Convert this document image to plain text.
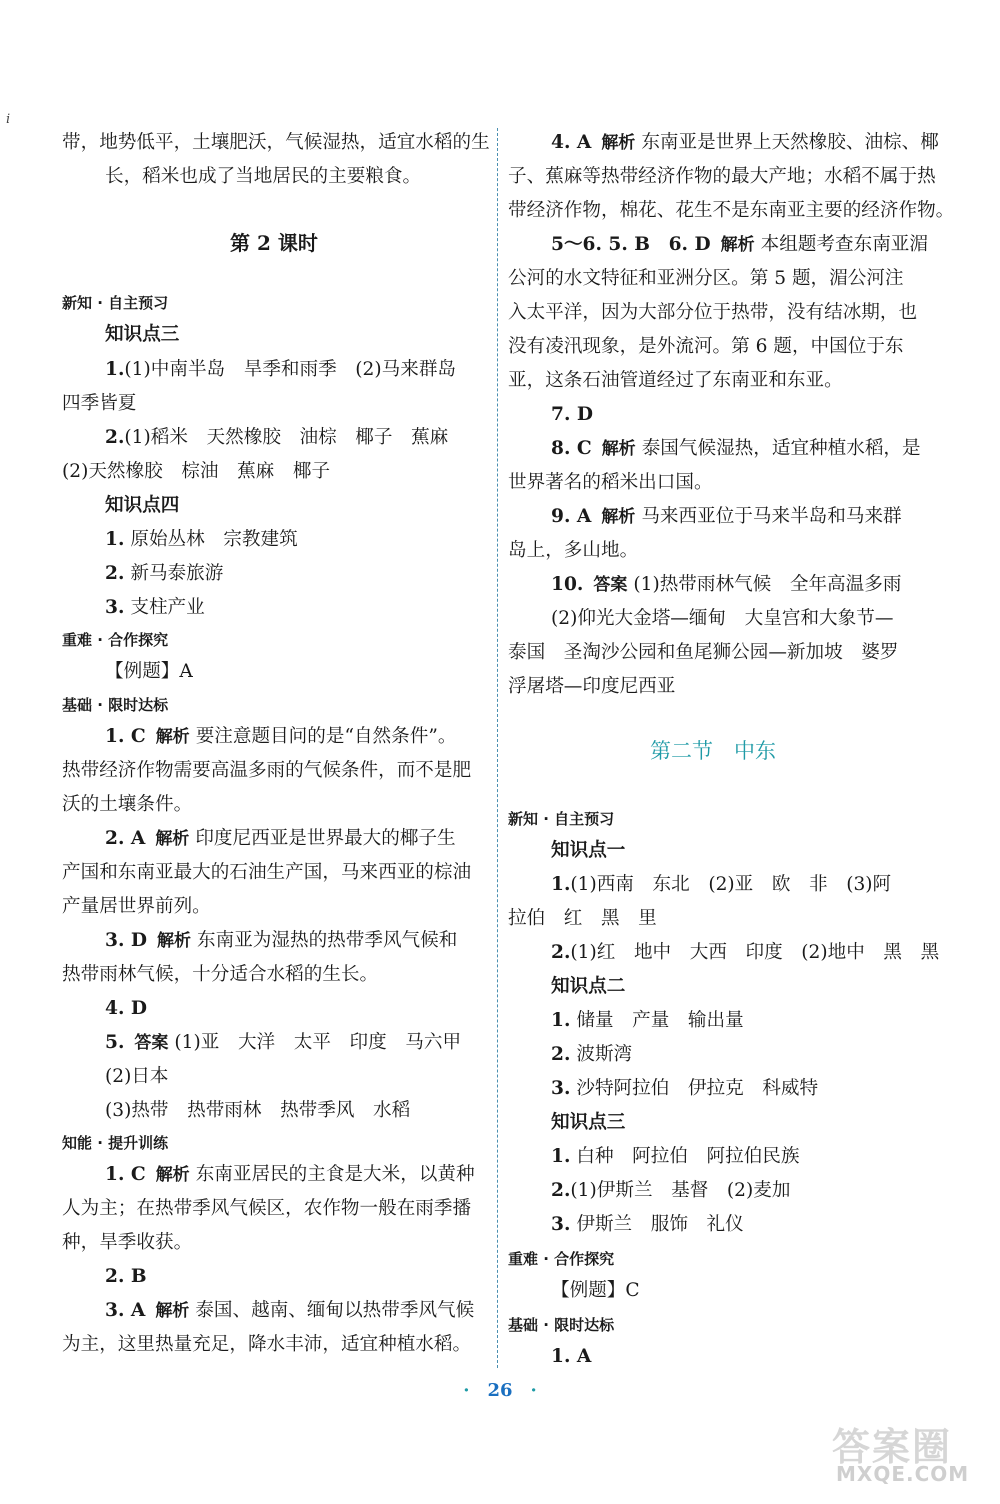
i
带，地势低平，土壤肥沃，气候湿热，适宜水稻的生
长，稻米也成了当地居民的主要粮食。
第 2 课时
新知 · 自主预习
知识点三
1.(1)中南半岛　旱季和雨季　(2)马来群岛
四季皆夏
2.(1)稻米　天然橡胶　油棕　椰子　蕉麻
(2)天然橡胶　棕油　蕉麻　椰子
知识点四
1. 原始丛林　宗教建筑
2. 新马泰旅游
3. 支柱产业
重难 · 合作探究
【例题】A
基础 · 限时达标
1. C 解析 要注意题目问的是“自然条件”。
热带经济作物需要高温多雨的气候条件，而不是肥
沃的土壤条件。
2. A 解析 印度尼西亚是世界最大的椰子生
产国和东南亚最大的石油生产国，马来西亚的棕油
产量居世界前列。
3. D 解析 东南亚为湿热的热带季风气候和
热带雨林气候，十分适合水稻的生长。
4. D
5. 答案 (1)亚　大洋　太平　印度　马六甲
(2)日本
(3)热带　热带雨林　热带季风　水稻
知能 · 提升训练
1. C 解析 东南亚居民的主食是大米，以黄种
人为主；在热带季风气候区，农作物一般在雨季播
种，旱季收获。
2. B
3. A 解析 泰国、越南、缅甸以热带季风气候
为主，这里热量充足，降水丰沛，适宜种植水稻。
4. A 解析 东南亚是世界上天然橡胶、油棕、椰
子、蕉麻等热带经济作物的最大产地；水稻不属于热
带经济作物，棉花、花生不是东南亚主要的经济作物。
5～6. 5. B　6. D 解析 本组题考查东南亚湄
公河的水文特征和亚洲分区。第 5 题，湄公河注
入太平洋，因为大部分位于热带，没有结冰期，也
没有凌汛现象，是外流河。第 6 题，中国位于东
亚，这条石油管道经过了东南亚和东亚。
7. D
8. C 解析 泰国气候湿热，适宜种植水稻，是
世界著名的稻米出口国。
9. A 解析 马来西亚位于马来半岛和马来群
岛上，多山地。
10. 答案 (1)热带雨林气候　全年高温多雨
(2)仰光大金塔—缅甸　大皇宫和大象节—
泰国　圣淘沙公园和鱼尾狮公园—新加坡　婆罗
浮屠塔—印度尼西亚
第二节　中东
新知 · 自主预习
知识点一
1.(1)西南　东北　(2)亚　欧　非　(3)阿
拉伯　红　黑　里
2.(1)红　地中　大西　印度　(2)地中　黑　黑
知识点二
1. 储量　产量　输出量
2. 波斯湾
3. 沙特阿拉伯　伊拉克　科威特
知识点三
1. 白种　阿拉伯　阿拉伯民族
2.(1)伊斯兰　基督　(2)麦加
3. 伊斯兰　服饰　礼仪
重难 · 合作探究
【例题】C
基础 · 限时达标
1. A
· 26 ·
答案圈
MXQE.COM
